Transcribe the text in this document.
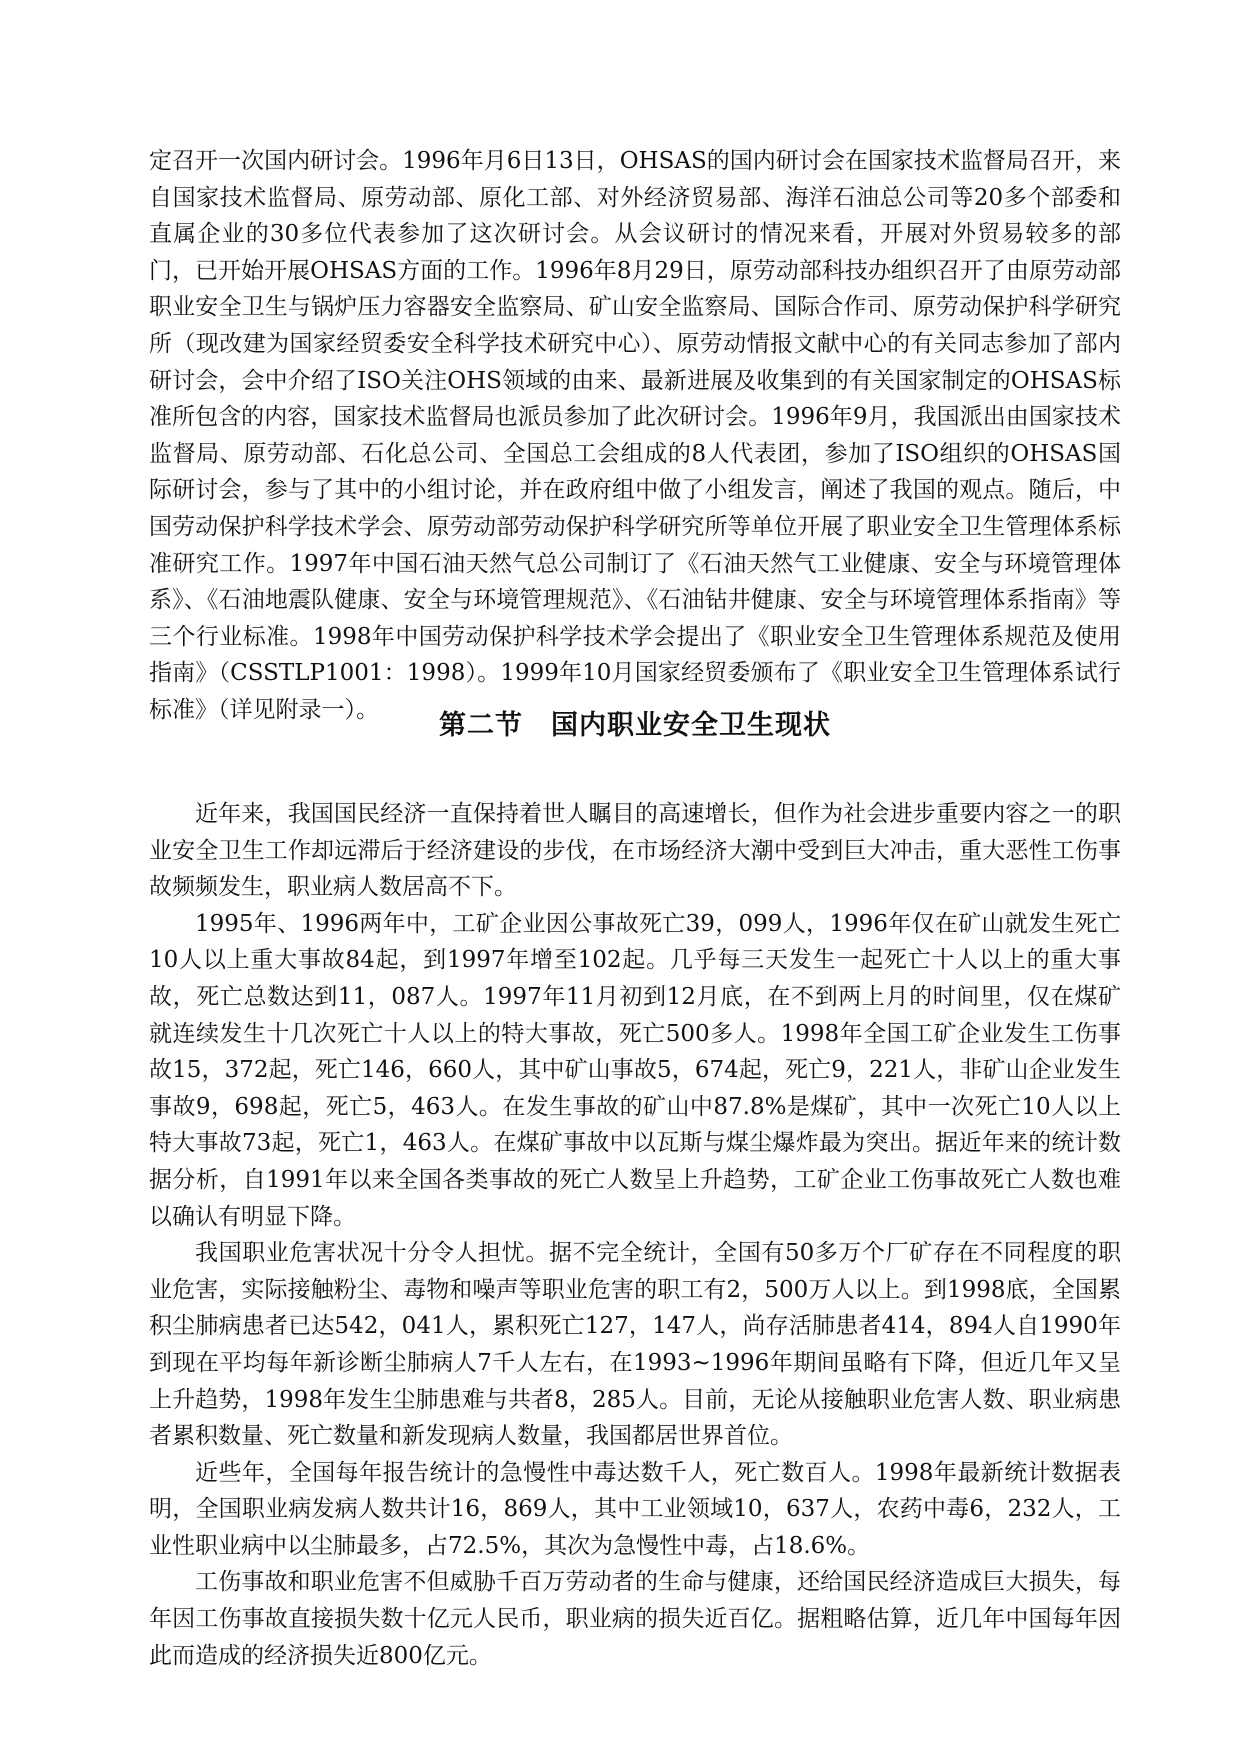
定召开一次国内研讨会。1996年月6日13日，OHSAS的国内研讨会在国家技术监督局召开，来自国家技术监督局、原劳动部、原化工部、对外经济贸易部、海洋石油总公司等20多个部委和直属企业的30多位代表参加了这次研讨会。从会议研讨的情况来看，开展对外贸易较多的部门，已开始开展OHSAS方面的工作。1996年8月29日，原劳动部科技办组织召开了由原劳动部职业安全卫生与锅炉压力容器安全监察局、矿山安全监察局、国际合作司、原劳动保护科学研究所（现改建为国家经贸委安全科学技术研究中心）、原劳动情报文献中心的有关同志参加了部内研讨会，会中介绍了ISO关注OHS领域的由来、最新进展及收集到的有关国家制定的OHSAS标准所包含的内容，国家技术监督局也派员参加了此次研讨会。1996年9月，我国派出由国家技术监督局、原劳动部、石化总公司、全国总工会组成的8人代表团，参加了ISO组织的OHSAS国际研讨会，参与了其中的小组讨论，并在政府组中做了小组发言，阐述了我国的观点。随后，中国劳动保护科学技术学会、原劳动部劳动保护科学研究所等单位开展了职业安全卫生管理体系标准研究工作。1997年中国石油天然气总公司制订了《石油天然气工业健康、安全与环境管理体系》、《石油地震队健康、安全与环境管理规范》、《石油钻井健康、安全与环境管理体系指南》等三个行业标准。1998年中国劳动保护科学技术学会提出了《职业安全卫生管理体系规范及使用指南》（CSSTLP1001：1998）。1999年10月国家经贸委颁布了《职业安全卫生管理体系试行标准》（详见附录一）。

第二节　国内职业安全卫生现状

近年来，我国国民经济一直保持着世人瞩目的高速增长，但作为社会进步重要内容之一的职业安全卫生工作却远滞后于经济建设的步伐，在市场经济大潮中受到巨大冲击，重大恶性工伤事故频频发生，职业病人数居高不下。

1995年、1996两年中，工矿企业因公事故死亡39，099人，1996年仅在矿山就发生死亡10人以上重大事故84起，到1997年增至102起。几乎每三天发生一起死亡十人以上的重大事故，死亡总数达到11，087人。1997年11月初到12月底，在不到两上月的时间里，仅在煤矿就连续发生十几次死亡十人以上的特大事故，死亡500多人。1998年全国工矿企业发生工伤事故15，372起，死亡146，660人，其中矿山事故5，674起，死亡9，221人，非矿山企业发生事故9，698起，死亡5，463人。在发生事故的矿山中87.8%是煤矿，其中一次死亡10人以上特大事故73起，死亡1，463人。在煤矿事故中以瓦斯与煤尘爆炸最为突出。据近年来的统计数据分析，自1991年以来全国各类事故的死亡人数呈上升趋势，工矿企业工伤事故死亡人数也难以确认有明显下降。

我国职业危害状况十分令人担忧。据不完全统计，全国有50多万个厂矿存在不同程度的职业危害，实际接触粉尘、毒物和噪声等职业危害的职工有2，500万人以上。到1998底，全国累积尘肺病患者已达542，041人，累积死亡127，147人，尚存活肺患者414，894人自1990年到现在平均每年新诊断尘肺病人7千人左右，在1993~1996年期间虽略有下降，但近几年又呈上升趋势，1998年发生尘肺患难与共者8，285人。目前，无论从接触职业危害人数、职业病患者累积数量、死亡数量和新发现病人数量，我国都居世界首位。

近些年，全国每年报告统计的急慢性中毒达数千人，死亡数百人。1998年最新统计数据表明，全国职业病发病人数共计16，869人，其中工业领域10，637人，农药中毒6，232人，工业性职业病中以尘肺最多，占72.5%，其次为急慢性中毒，占18.6%。

工伤事故和职业危害不但威胁千百万劳动者的生命与健康，还给国民经济造成巨大损失，每年因工伤事故直接损失数十亿元人民币，职业病的损失近百亿。据粗略估算，近几年中国每年因此而造成的经济损失近800亿元。
